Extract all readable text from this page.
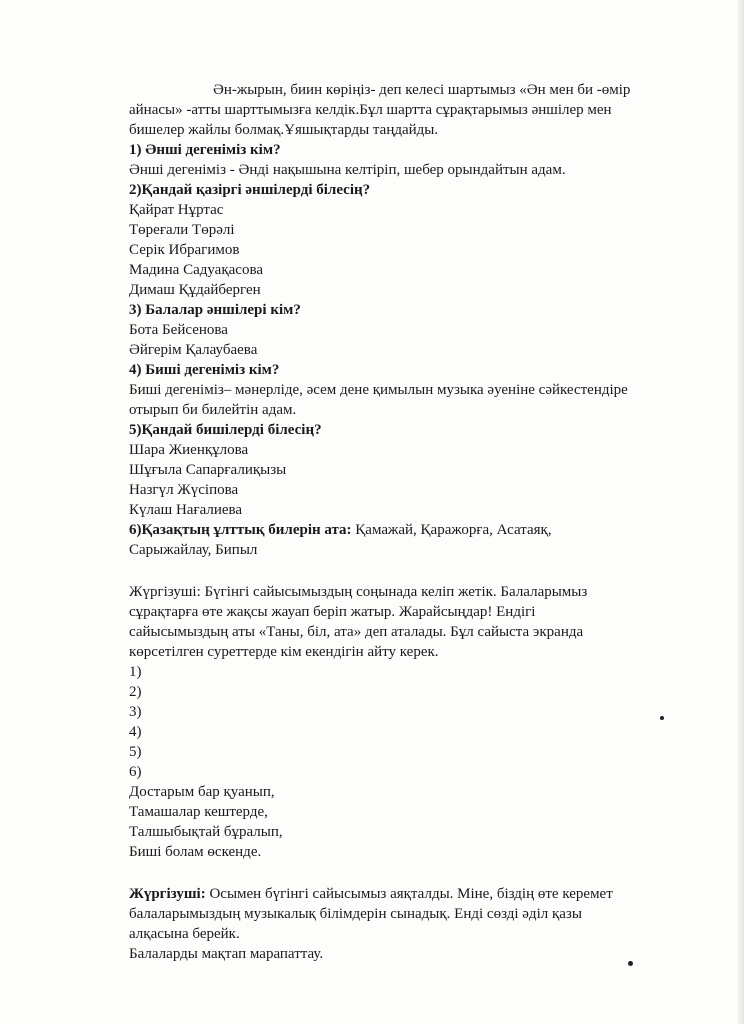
Ән-жырын, биин көріңіз- деп келесі шартымыз «Ән мен би -өмір
айнасы» -атты шарттымызға келдік.Бұл шартта сұрақтарымыз әншілер мен
бишелер жайлы болмақ.Ұяшықтарды таңдайды.
1) Әнші дегеніміз кім?
Әнші дегеніміз - Әнді нақышына келтіріп, шебер орындайтын адам.
2)Қандай қазіргі әншілерді білесің?
Қайрат Нұртас
Төреғали Төрәлі
Серік Ибрагимов
Мадина Садуақасова
Димаш Құдайберген
3) Балалар әншілері кім?
Бота Бейсенова
Әйгерім Қалаубаева
4) Биші дегеніміз кім?
Биші дегеніміз– мәнерліде, әсем дене қимылын музыка әуеніне сәйкестендіре
отырып би билейтін адам.
5)Қандай бишілерді білесің?
Шара Жиенқұлова
Шұғыла Сапарғалиқызы
Назгүл Жүсіпова
Күлаш Нағалиева
6)Қазақтың ұлттық билерін ата: Қамажай, Қаражорға, Асатаяқ,
Сарыжайлау, Бипыл
Жүргізуші: Бүгінгі сайысымыздың соңынада келіп жетік. Балаларымыз
сұрақтарға өте жақсы жауап беріп жатыр. Жарайсыңдар! Ендігі
сайысымыздың аты «Таны, біл, ата» деп аталады. Бұл сайыста экранда
көрсетілген суреттерде кім екендігін айту керек.
1)
2)
3)
4)
5)
6)
Достарым бар қуанып,
Тамашалар кештерде,
Талшыбықтай бұралып,
Биші болам өскенде.
Жүргізуші: Осымен бүгінгі сайысымыз аяқталды. Міне, біздің өте керемет
балаларымыздың музыкалық білімдерін сынадық. Енді сөзді әділ қазы
алқасына берейк.
Балаларды мақтап марапаттау.
